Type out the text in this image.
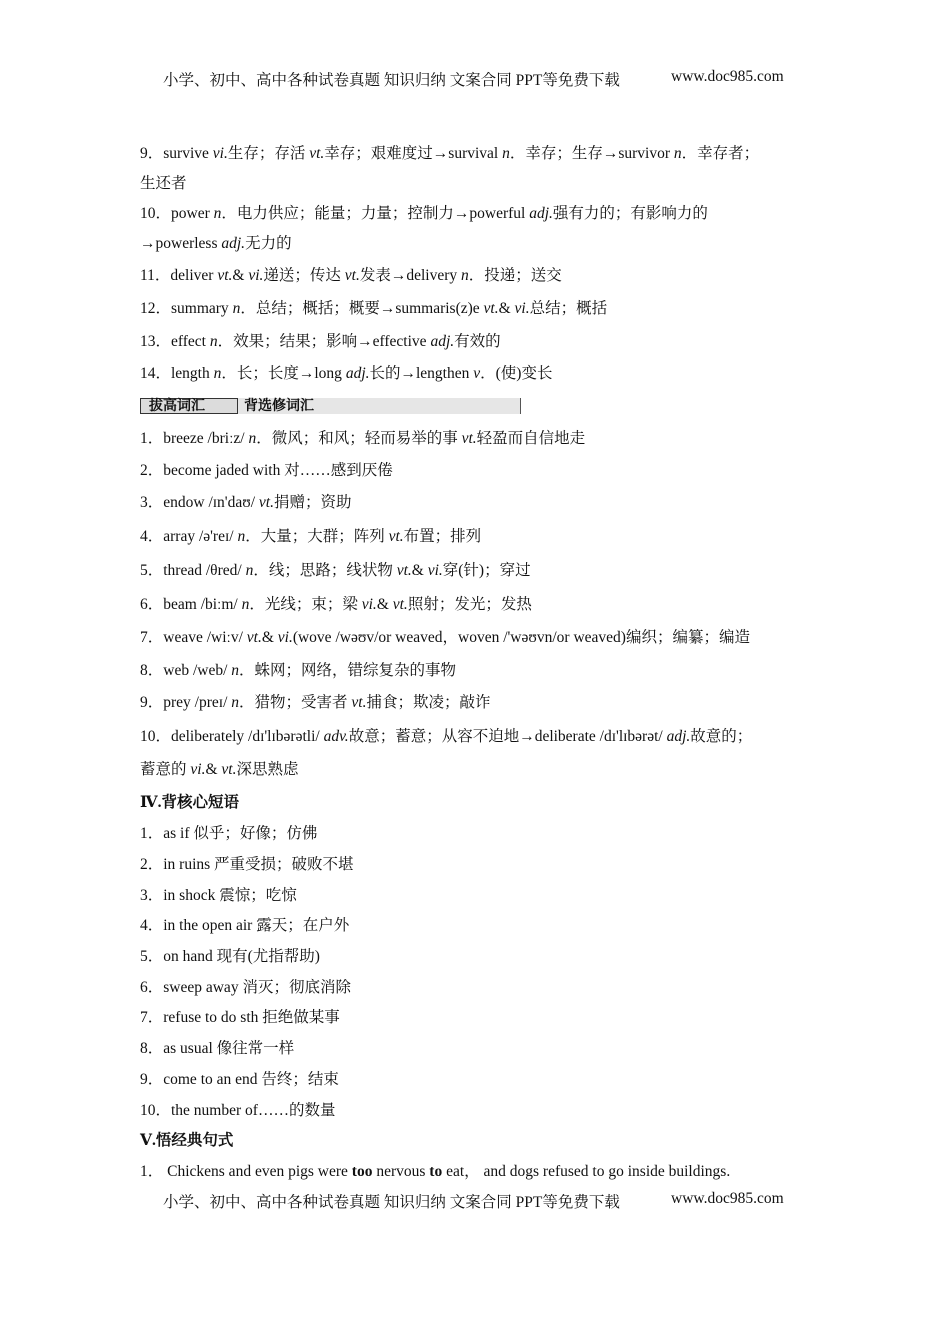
小学、初中、高中各种试卷真题 知识归纳 文案合同 PPT等免费下载	www.doc985.com
9．survive vi.生存；存活 vt.幸存；艰难度过→survival n．幸存；生存→survivor n．幸存者；
生还者
10．power n．电力供应；能量；力量；控制力→powerful adj.强有力的；有影响力的
→powerless adj.无力的
11．deliver vt.& vi.递送；传达 vt.发表→delivery n．投递；送交
12．summary n．总结；概括；概要→summaris(z)e vt.& vi.总结；概括
13．effect n．效果；结果；影响→effective adj.有效的
14．length n．长；长度→long adj.长的→lengthen v．(使)变长
1．breeze /briːz/ n．微风；和风；轻而易举的事 vt.轻盈而自信地走
2．become jaded with 对……感到厌倦
3．endow /ɪn'daʊ/ vt.捐赠；资助
4．array /ə'reɪ/ n．大量；大群；阵列 vt.布置；排列
5．thread /θred/ n．线；思路；线状物 vt.& vi.穿(针)；穿过
6．beam /biːm/ n．光线；束；梁 vi.& vt.照射；发光；发热
7．weave /wiːv/ vt.& vi.(wove /wəʊv/or weaved，woven /'wəʊvn/or weaved)编织；编纂；编造
8．web /web/ n．蛛网；网络，错综复杂的事物
9．prey /preɪ/ n．猎物；受害者 vt.捕食；欺凌；敲诈
10．deliberately /dɪ'lɪbərətli/ adv.故意；蓄意；从容不迫地→deliberate /dɪ'lɪbərət/ adj.故意的；
蓄意的 vi.& vt.深思熟虑
Ⅳ.背核心短语
1．as if 似乎；好像；仿佛
2．in ruins 严重受损；破败不堪
3．in shock 震惊；吃惊
4．in the open air 露天；在户外
5．on hand 现有(尤指帮助)
6．sweep away 消灭；彻底消除
7．refuse to do sth 拒绝做某事
8．as usual 像往常一样
9．come to an end 告终；结束
10．the number of……的数量
Ⅴ.悟经典句式
1． Chickens and even pigs were too nervous to eat， and dogs refused to go inside buildings.
拔高词汇	背选修词汇
小学、初中、高中各种试卷真题 知识归纳 文案合同 PPT等免费下载	www.doc985.com
